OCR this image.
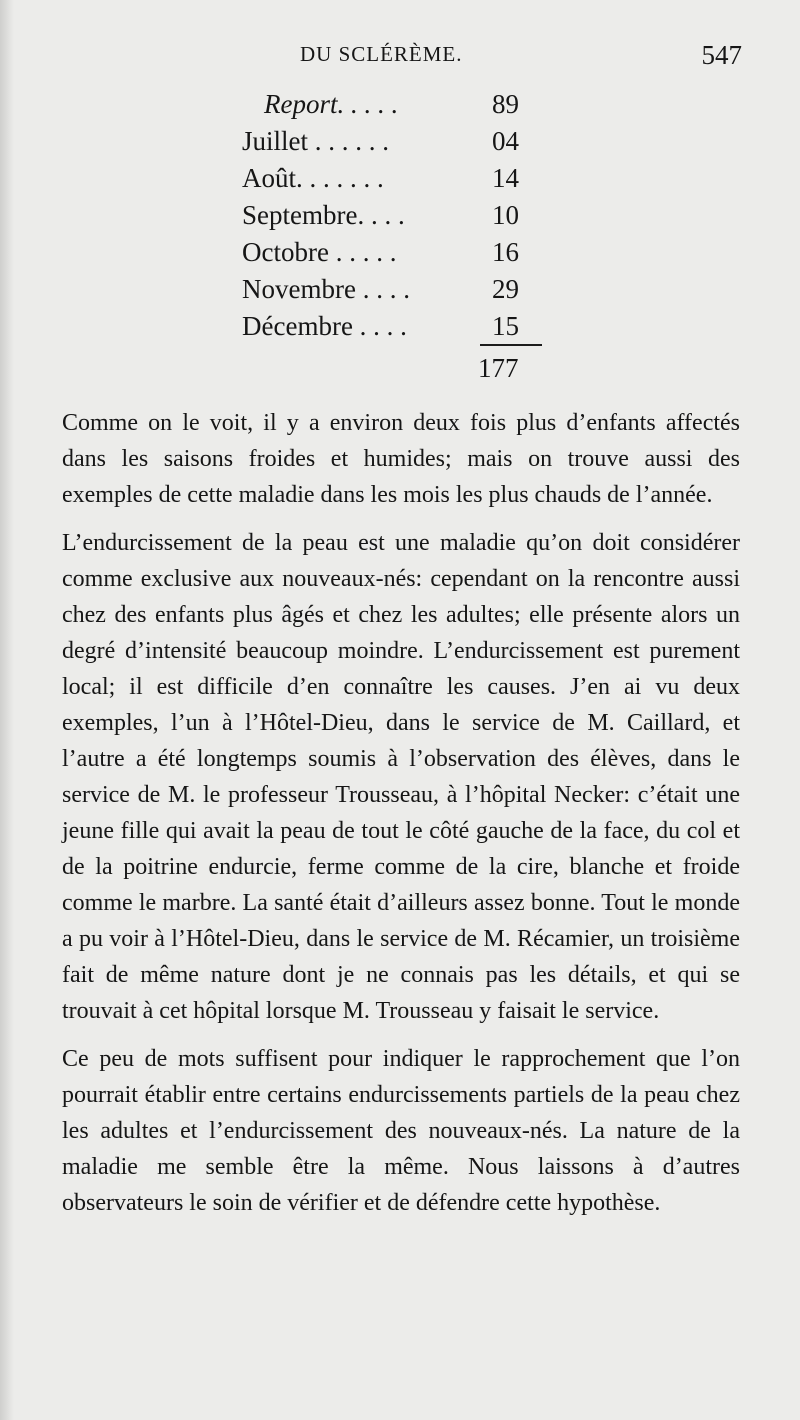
DU SCLÉRÈME.	547
Report. . . . .	89
Juillet . . . . . .	04
Août. . . . . . .	14
Septembre. . . .	10
Octobre . . . . .	16
Novembre . . . .	29
Décembre . . . .	15
177

Comme on le voit, il y a environ deux fois plus d’enfants affectés dans les saisons froides et humides; mais on trouve aussi des exemples de cette maladie dans les mois les plus chauds de l’année.

L’endurcissement de la peau est une maladie qu’on doit considérer comme exclusive aux nouveaux-nés: cependant on la rencontre aussi chez des enfants plus âgés et chez les adultes; elle présente alors un degré d’intensité beaucoup moindre. L’endurcissement est purement local; il est difficile d’en connaître les causes. J’en ai vu deux exemples, l’un à l’Hôtel-Dieu, dans le service de M. Caillard, et l’autre a été longtemps soumis à l’observation des élèves, dans le service de M. le professeur Trousseau, à l’hôpital Necker: c’était une jeune fille qui avait la peau de tout le côté gauche de la face, du col et de la poitrine endurcie, ferme comme de la cire, blanche et froide comme le marbre. La santé était d’ailleurs assez bonne. Tout le monde a pu voir à l’Hôtel-Dieu, dans le service de M. Récamier, un troisième fait de même nature dont je ne connais pas les détails, et qui se trouvait à cet hôpital lorsque M. Trousseau y faisait le service.

Ce peu de mots suffisent pour indiquer le rapprochement que l’on pourrait établir entre certains endurcissements partiels de la peau chez les adultes et l’endurcissement des nouveaux-nés. La nature de la maladie me semble être la même. Nous laissons à d’autres observateurs le soin de vérifier et de défendre cette hypothèse.
